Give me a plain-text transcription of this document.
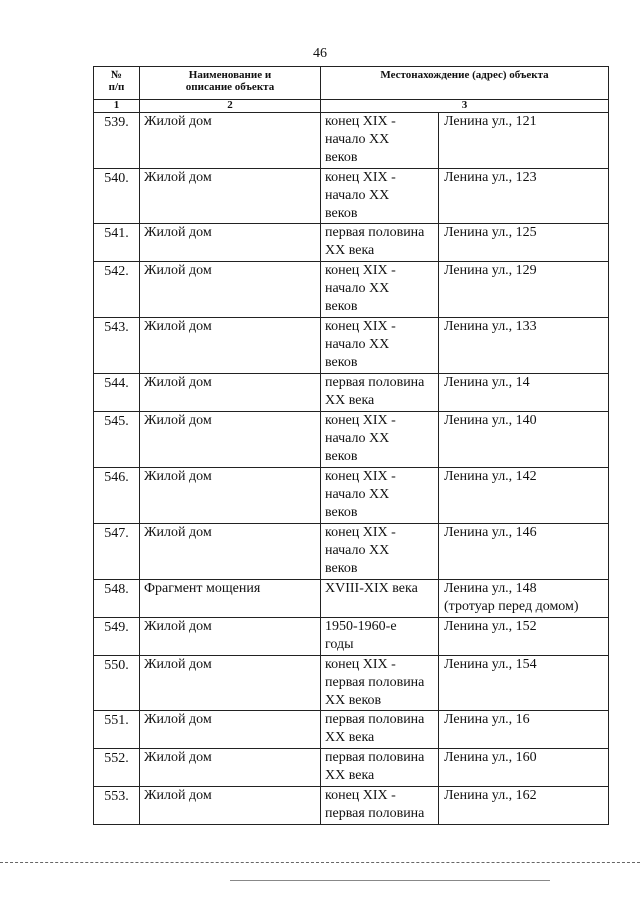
46
№
п/п	Наименование и описание объекта	Местонахождение (адрес) объекта	
1	2	3	
539.	Жилой дом	конец XIX -
начало XX
веков	Ленина ул., 121
540.	Жилой дом	конец XIX -
начало XX
веков	Ленина ул., 123
541.	Жилой дом	первая половина
XX века	Ленина ул., 125
542.	Жилой дом	конец XIX -
начало XX
веков	Ленина ул., 129
543.	Жилой дом	конец XIX -
начало XX
веков	Ленина ул., 133
544.	Жилой дом	первая половина
XX века	Ленина ул., 14
545.	Жилой дом	конец XIX -
начало XX
веков	Ленина ул., 140
546.	Жилой дом	конец XIX -
начало XX
веков	Ленина ул., 142
547.	Жилой дом	конец XIX -
начало XX
веков	Ленина ул., 146
548.	Фрагмент мощения	XVIII-XIX века	Ленина ул., 148
(тротуар перед домом)
549.	Жилой дом	1950-1960-е
годы	Ленина ул., 152
550.	Жилой дом	конец XIX -
первая половина
XX веков	Ленина ул., 154
551.	Жилой дом	первая половина
XX века	Ленина ул., 16
552.	Жилой дом	первая половина
XX века	Ленина ул., 160
553.	Жилой дом	конец XIX -
первая половина	Ленина ул., 162
